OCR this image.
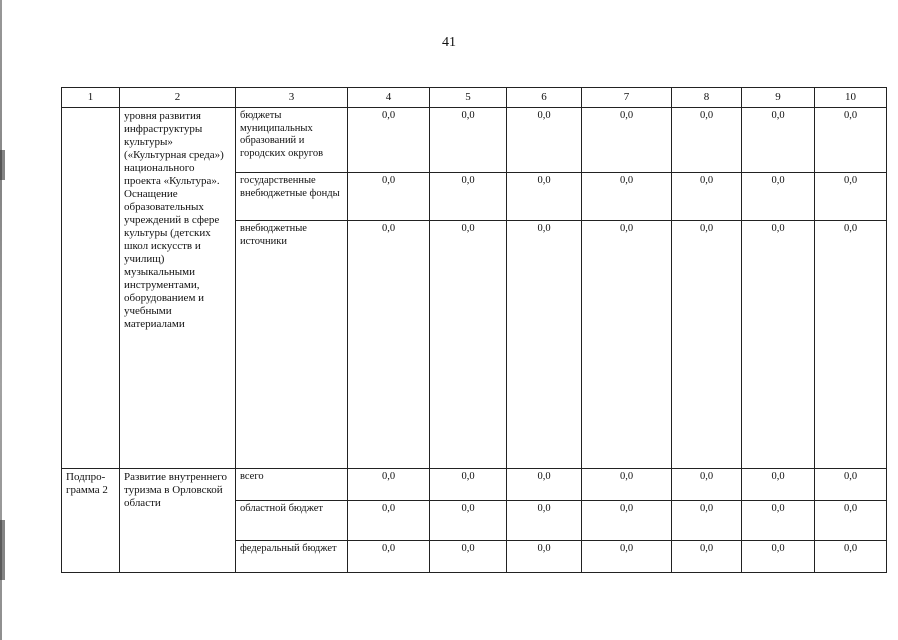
41
1	2	3	4	5	6	7	8	9	10
	уровня развития инфраструктуры культуры» («Культурная среда») национального проекта «Культура». Оснащение образовательных учреждений в сфере культуры (детских школ искусств и училищ) музыкальными инструментами, оборудованием и учебными материалами	бюджеты муниципальных образований и городских округов	0,0	0,0	0,0	0,0	0,0	0,0	0,0
		государственные внебюджетные фонды	0,0	0,0	0,0	0,0	0,0	0,0	0,0
		внебюджетные источники	0,0	0,0	0,0	0,0	0,0	0,0	0,0
Подпро-грамма 2	Развитие внутреннего туризма в Орловской области	всего	0,0	0,0	0,0	0,0	0,0	0,0	0,0
		областной бюджет	0,0	0,0	0,0	0,0	0,0	0,0	0,0
		федеральный бюджет	0,0	0,0	0,0	0,0	0,0	0,0	0,0
